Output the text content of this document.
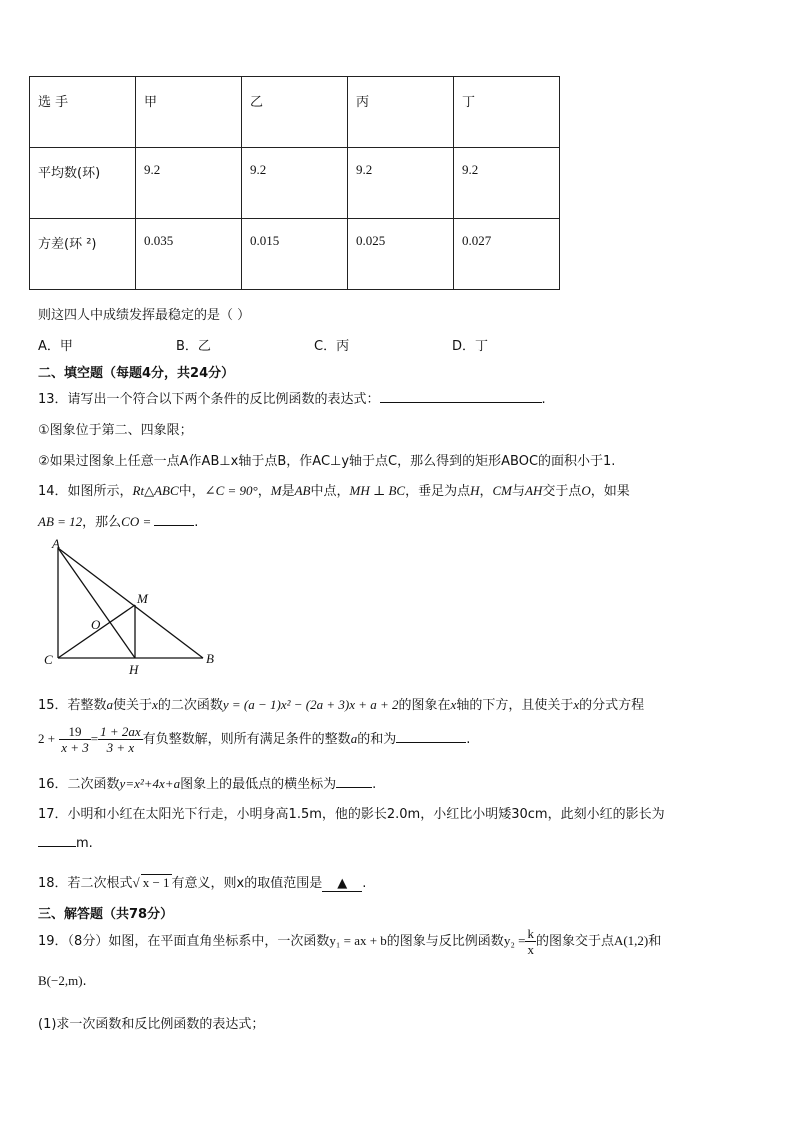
选 手	甲	乙	丙	丁
平均数(环)	9.2	9.2	9.2	9.2
方差(环 ²)	0.035	0.015	0.025	0.027
则这四人中成绩发挥最稳定的是（ ）
A．甲	B．乙	C．丙	D．丁
二、填空题（每题4分，共24分）
13．请写出一个符合以下两个条件的反比例函数的表达式：	.
①图象位于第二、四象限；
②如果过图象上任意一点A作AB⊥x轴于点B，作AC⊥y轴于点C，那么得到的矩形ABOC的面积小于1.
14．如图所示，Rt△ABC中，∠C = 90°，M是AB中点，MH ⊥ BC，垂足为点H，CM与AH交于点O，如果
AB = 12，那么CO =	.
A
B
C
M
O
H
15．若整数a使关于x的二次函数y = (a − 1)x² − (2a + 3)x + a + 2的图象在x轴的下方，且使关于x的分式方程
$2 + \frac{19}{x + 3} = \frac{1 + 2ax}{3 + x}$ 有负整数解，则所有满足条件的整数a的和为	.
16．二次函数y=x²+4x+a图象上的最低点的横坐标为	.
17．小明和小红在太阳光下行走，小明身高1.5m，他的影长2.0m，小红比小明矮30cm，此刻小红的影长为
m.
18．若二次根式√ x − 1 有意义，则x的取值范围是 ▲ .
三、解答题（共78分）
19．（8分）如图，在平面直角坐标系中，一次函数y₁ = ax + b的图象与反比例函数$y_2 = \frac{k}{x}$ 的图象交于点A(1,2)和
B(−2,m).
(1)求一次函数和反比例函数的表达式；
